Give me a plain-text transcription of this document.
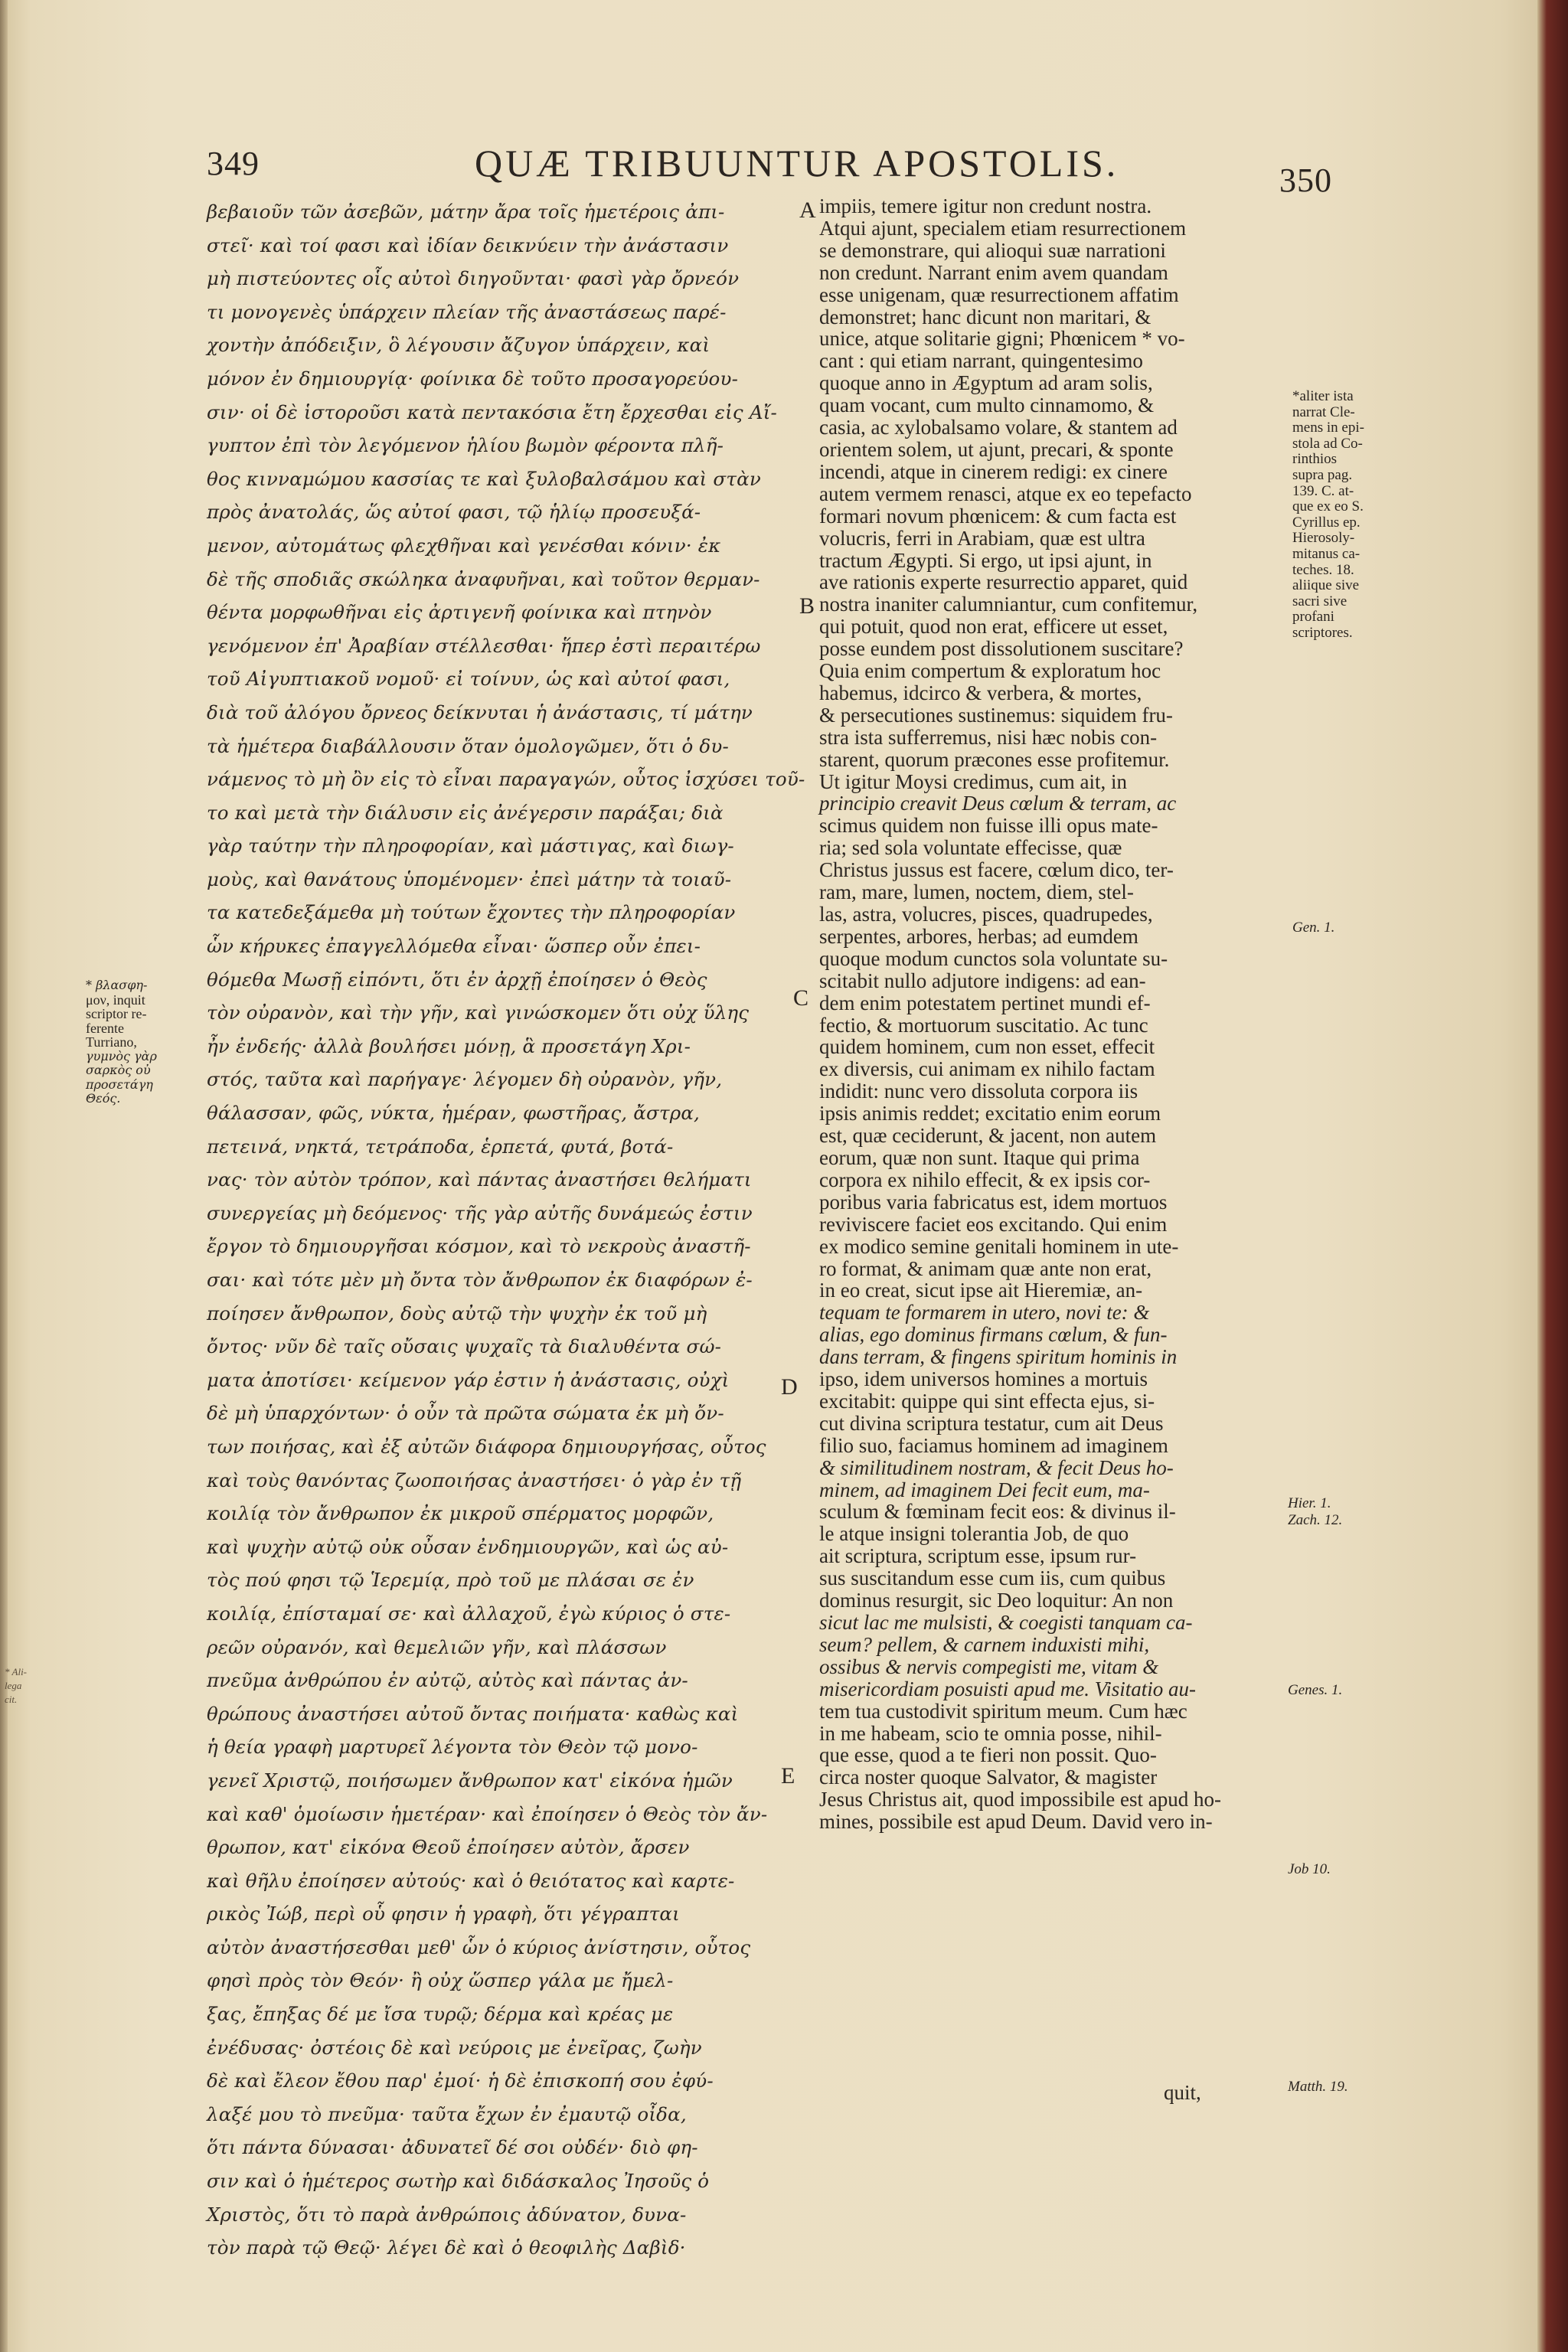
349	QUÆ TRIBUUNTUR APOSTOLIS.	350
βεβαιοῦν τῶν ἀσεβῶν, μάτην ἄρα τοῖς ἡμετέροις ἀπι-
στεῖ· καὶ τοί φασι καὶ ἰδίαν δεικνύειν τὴν ἀνάστασιν
μὴ πιστεύοντες οἷς αὐτοὶ διηγοῦνται· φασὶ γὰρ ὄρνεόν
τι μονογενὲς ὑπάρχειν πλείαν τῆς ἀναστάσεως παρέ-
χοντὴν ἀπόδειξιν, ὃ λέγουσιν ἄζυγον ὑπάρχειν, καὶ
μόνον ἐν δημιουργίᾳ· φοίνικα δὲ τοῦτο προσαγορεύου-
σιν· οἱ δὲ ἱστοροῦσι κατὰ πεντακόσια ἔτη ἔρχεσθαι εἰς Αἴ-
γυπτον ἐπὶ τὸν λεγόμενον ἡλίου βωμὸν φέροντα πλῆ-
θος κινναμώμου κασσίας τε καὶ ξυλοβαλσάμου καὶ στὰν
πρὸς ἀνατολάς, ὥς αὐτοί φασι, τῷ ἡλίῳ προσευξά-
μενον, αὐτομάτως φλεχθῆναι καὶ γενέσθαι κόνιν· ἐκ
δὲ τῆς σποδιᾶς σκώληκα ἀναφυῆναι, καὶ τοῦτον θερμαν-
θέντα μορφωθῆναι εἰς ἀρτιγενῆ φοίνικα καὶ πτηνὸν
γενόμενον ἐπ' Ἀραβίαν στέλλεσθαι· ἥπερ ἐστὶ περαιτέρω
τοῦ Αἰγυπτιακοῦ νομοῦ· εἰ τοίνυν, ὡς καὶ αὐτοί φασι,
διὰ τοῦ ἀλόγου ὄρνεος δείκνυται ἡ ἀνάστασις, τί μάτην
τὰ ἡμέτερα διαβάλλουσιν ὅταν ὁμολογῶμεν, ὅτι ὁ δυ-
νάμενος τὸ μὴ ὂν εἰς τὸ εἶναι παραγαγών, οὗτος ἰσχύσει τοῦ-
το καὶ μετὰ τὴν διάλυσιν εἰς ἀνέγερσιν παράξαι; διὰ
γὰρ ταύτην τὴν πληροφορίαν, καὶ μάστιγας, καὶ διωγ-
μοὺς, καὶ θανάτους ὑπομένομεν· ἐπεὶ μάτην τὰ τοιαῦ-
τα κατεδεξάμεθα μὴ τούτων ἔχοντες τὴν πληροφορίαν
ὧν κήρυκες ἐπαγγελλόμεθα εἶναι· ὥσπερ οὖν ἐπει-
θόμεθα Μωσῇ εἰπόντι, ὅτι ἐν ἀρχῇ ἐποίησεν ὁ Θεὸς
τὸν οὐρανὸν, καὶ τὴν γῆν, καὶ γινώσκομεν ὅτι οὐχ ὕλης
ἦν ἐνδεής· ἀλλὰ βουλήσει μόνῃ, ἃ προσετάγη Χρι-
στός, ταῦτα καὶ παρήγαγε· λέγομεν δὴ οὐρανὸν, γῆν,
θάλασσαν, φῶς, νύκτα, ἡμέραν, φωστῆρας, ἄστρα,
πετεινά, νηκτά, τετράποδα, ἑρπετά, φυτά, βοτά-
νας· τὸν αὐτὸν τρόπον, καὶ πάντας ἀναστήσει θελήματι
συνεργείας μὴ δεόμενος· τῆς γὰρ αὐτῆς δυνάμεώς ἐστιν
ἔργον τὸ δημιουργῆσαι κόσμον, καὶ τὸ νεκροὺς ἀναστῆ-
σαι· καὶ τότε μὲν μὴ ὄντα τὸν ἄνθρωπον ἐκ διαφόρων ἐ-
ποίησεν ἄνθρωπον, δοὺς αὐτῷ τὴν ψυχὴν ἐκ τοῦ μὴ
ὄντος· νῦν δὲ ταῖς οὔσαις ψυχαῖς τὰ διαλυθέντα σώ-
ματα ἀποτίσει· κείμενον γάρ ἐστιν ἡ ἀνάστασις, οὐχὶ
δὲ μὴ ὑπαρχόντων· ὁ οὖν τὰ πρῶτα σώματα ἐκ μὴ ὄν-
των ποιήσας, καὶ ἐξ αὐτῶν διάφορα δημιουργήσας, οὗτος
καὶ τοὺς θανόντας ζωοποιήσας ἀναστήσει· ὁ γὰρ ἐν τῇ
κοιλίᾳ τὸν ἄνθρωπον ἐκ μικροῦ σπέρματος μορφῶν,
καὶ ψυχὴν αὐτῷ οὐκ οὖσαν ἐνδημιουργῶν, καὶ ὡς αὐ-
τὸς πού φησι τῷ Ἱερεμίᾳ, πρὸ τοῦ με πλάσαι σε ἐν
κοιλίᾳ, ἐπίσταμαί σε· καὶ ἀλλαχοῦ, ἐγὼ κύριος ὁ στε-
ρεῶν οὐρανόν, καὶ θεμελιῶν γῆν, καὶ πλάσσων
πνεῦμα ἀνθρώπου ἐν αὐτῷ, αὐτὸς καὶ πάντας ἀν-
θρώπους ἀναστήσει αὐτοῦ ὄντας ποιήματα· καθὼς καὶ
ἡ θεία γραφὴ μαρτυρεῖ λέγοντα τὸν Θεὸν τῷ μονο-
γενεῖ Χριστῷ, ποιήσωμεν ἄνθρωπον κατ' εἰκόνα ἡμῶν
καὶ καθ' ὁμοίωσιν ἡμετέραν· καὶ ἐποίησεν ὁ Θεὸς τὸν ἄν-
θρωπον, κατ' εἰκόνα Θεοῦ ἐποίησεν αὐτὸν, ἄρσεν
καὶ θῆλυ ἐποίησεν αὐτούς· καὶ ὁ θειότατος καὶ καρτε-
ρικὸς Ἰώβ, περὶ οὗ φησιν ἡ γραφὴ, ὅτι γέγραπται
αὐτὸν ἀναστήσεσθαι μεθ' ὧν ὁ κύριος ἀνίστησιν, οὗτος
φησὶ πρὸς τὸν Θεόν· ἢ οὐχ ὥσπερ γάλα με ἤμελ-
ξας, ἔπηξας δέ με ἴσα τυρῷ; δέρμα καὶ κρέας με
ἐνέδυσας· ὀστέοις δὲ καὶ νεύροις με ἐνεῖρας, ζωὴν
δὲ καὶ ἔλεον ἔθου παρ' ἐμοί· ἡ δὲ ἐπισκοπή σου ἐφύ-
λαξέ μου τὸ πνεῦμα· ταῦτα ἔχων ἐν ἐμαυτῷ οἶδα,
ὅτι πάντα δύνασαι· ἀδυνατεῖ δέ σοι οὐδέν· διὸ φη-
σιν καὶ ὁ ἡμέτερος σωτὴρ καὶ διδάσκαλος Ἰησοῦς ὁ
Χριστὸς, ὅτι τὸ παρὰ ἀνθρώποις ἀδύνατον, δυνα-
τὸν παρὰ τῷ Θεῷ· λέγει δὲ καὶ ὁ θεοφιλὴς Δαβὶδ·
impiis, temere igitur non credunt nostra.
Atqui ajunt, specialem etiam resurrectionem
se demonstrare, qui alioqui suæ narrationi
non credunt. Narrant enim avem quandam
esse unigenam, quæ resurrectionem affatim
demonstret; hanc dicunt non maritari, &
unice, atque solitarie gigni; Phœnicem * vo-
cant : qui etiam narrant, quingentesimo
quoque anno in Ægyptum ad aram solis,
quam vocant, cum multo cinnamomo, &
casia, ac xylobalsamo volare, & stantem ad
orientem solem, ut ajunt, precari, & sponte
incendi, atque in cinerem redigi: ex cinere
autem vermem renasci, atque ex eo tepefacto
formari novum phœnicem: & cum facta est
volucris, ferri in Arabiam, quæ est ultra
tractum Ægypti. Si ergo, ut ipsi ajunt, in
ave rationis experte resurrectio apparet, quid
nostra inaniter calumniantur, cum confitemur,
qui potuit, quod non erat, efficere ut esset,
posse eundem post dissolutionem suscitare?
Quia enim compertum & exploratum hoc
habemus, idcirco & verbera, & mortes,
& persecutiones sustinemus: siquidem fru-
stra ista sufferremus, nisi hæc nobis con-
starent, quorum præcones esse profitemur.
Ut igitur Moysi credimus, cum ait, in
principio creavit Deus cœlum & terram, ac
scimus quidem non fuisse illi opus mate-
ria; sed sola voluntate effecisse, quæ
Christus jussus est facere, cœlum dico, ter-
ram, mare, lumen, noctem, diem, stel-
las, astra, volucres, pisces, quadrupedes,
serpentes, arbores, herbas; ad eumdem
quoque modum cunctos sola voluntate su-
scitabit nullo adjutore indigens: ad ean-
dem enim potestatem pertinet mundi ef-
fectio, & mortuorum suscitatio. Ac tunc
quidem hominem, cum non esset, effecit
ex diversis, cui animam ex nihilo factam
indidit: nunc vero dissoluta corpora iis
ipsis animis reddet; excitatio enim eorum
est, quæ ceciderunt, & jacent, non autem
eorum, quæ non sunt. Itaque qui prima
corpora ex nihilo effecit, & ex ipsis cor-
poribus varia fabricatus est, idem mortuos
reviviscere faciet eos excitando. Qui enim
ex modico semine genitali hominem in ute-
ro format, & animam quæ ante non erat,
in eo creat, sicut ipse ait Hieremiæ, an-
tequam te formarem in utero, novi te: &
alias, ego dominus firmans cœlum, & fun-
dans terram, & fingens spiritum hominis in
ipso, idem universos homines a mortuis
excitabit: quippe qui sint effecta ejus, si-
cut divina scriptura testatur, cum ait Deus
filio suo, faciamus hominem ad imaginem
& similitudinem nostram, & fecit Deus ho-
minem, ad imaginem Dei fecit eum, ma-
sculum & fœminam fecit eos: & divinus il-
le atque insigni tolerantia Job, de quo
ait scriptura, scriptum esse, ipsum rur-
sus suscitandum esse cum iis, cum quibus
dominus resurgit, sic Deo loquitur: An non
sicut lac me mulsisti, & coegisti tanquam ca-
seum? pellem, & carnem induxisti mihi,
ossibus & nervis compegisti me, vitam &
misericordiam posuisti apud me. Visitatio au-
tem tua custodivit spiritum meum. Cum hæc
in me habeam, scio te omnia posse, nihil-
que esse, quod a te fieri non possit. Quo-
circa noster quoque Salvator, & magister
Jesus Christus ait, quod impossibile est apud ho-
mines, possibile est apud Deum. David vero in-
A
B
C
D
E
* βλασφη-
μον, inquit
scriptor re-
ferente
Turriano,
γυμνὸς γὰρ
σαρκὸς οὐ
προσετάγη
Θεός.
* Ali-
lega
cit.
*aliter ista
narrat Cle-
mens in epi-
stola ad Co-
rinthios
supra pag.
139. C. at-
que ex eo S.
Cyrillus ep.
Hierosoly-
mitanus ca-
teches. 18.
aliique sive
sacri sive
profani
scriptores.
Gen. 1.
Hier. 1.
Zach. 12.
Genes. 1.
Job 10.
Matth. 19.
quit,
